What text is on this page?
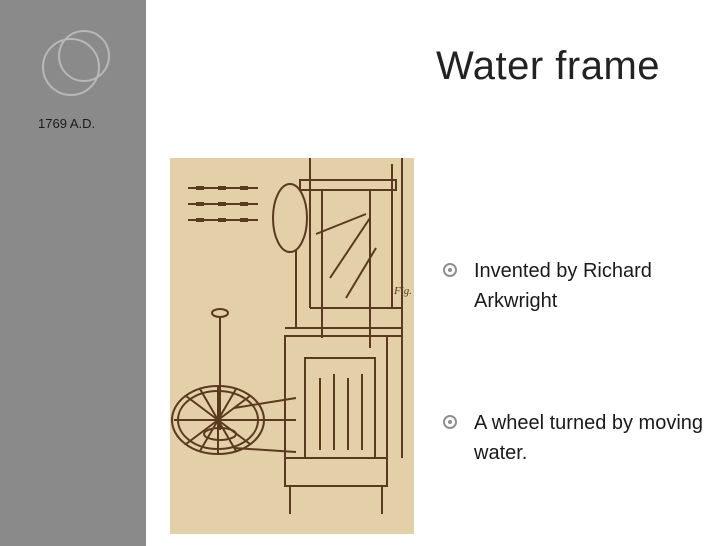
1769 A.D.
Water frame
Fig.
Invented by Richard Arkwright
A wheel turned by moving water.
